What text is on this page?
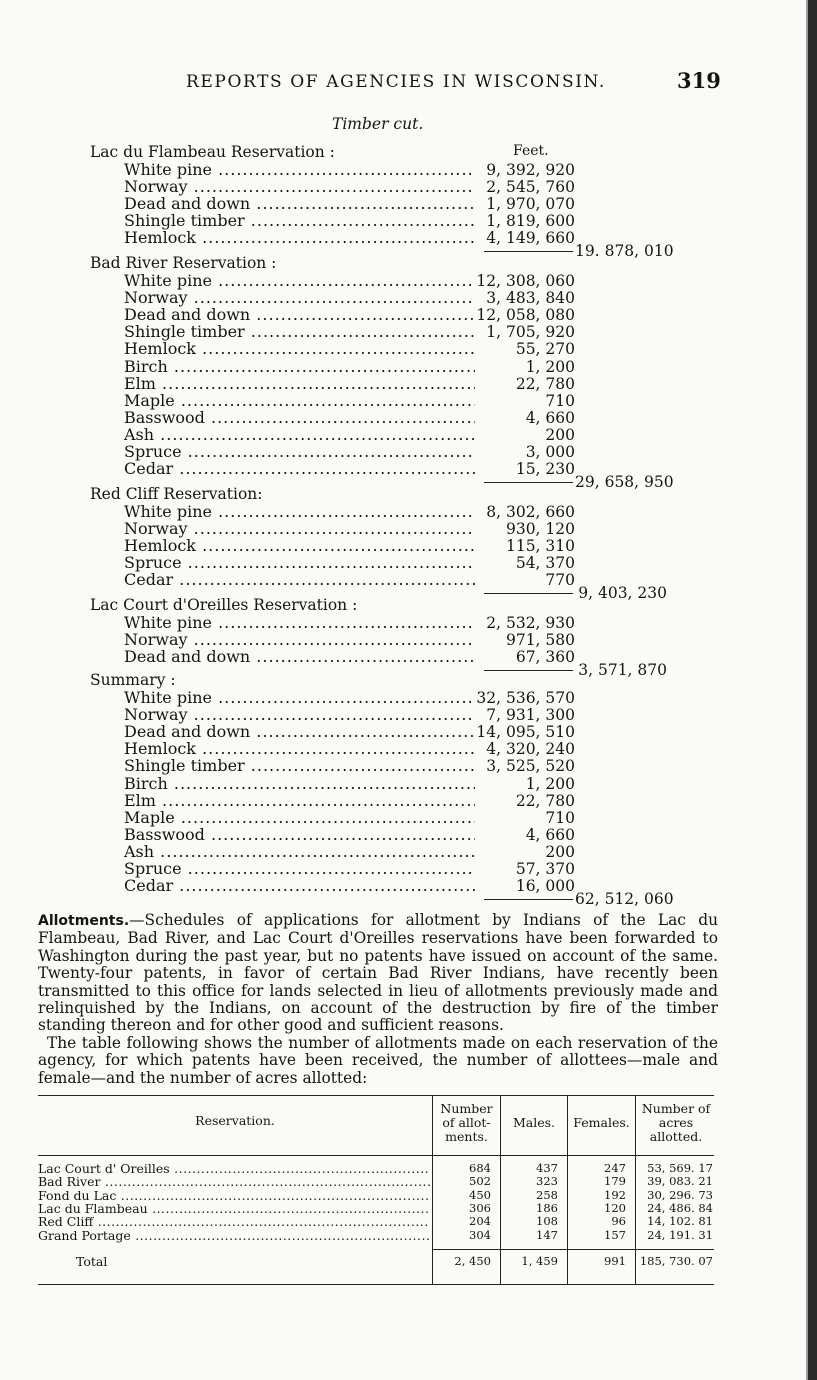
REPORTS OF AGENCIES IN WISCONSIN.	319
Timber cut.
Feet.
Lac du Flambeau Reservation :
White pine .....	9, 392, 920
Norway .....	2, 545, 760
Dead and down .....	1, 970, 070
Shingle timber .....	1, 819, 600
Hemlock .....	4, 149, 660
19. 878, 010
Bad River Reservation :
White pine .....	12, 308, 060
Norway .....	3, 483, 840
Dead and down .....	12, 058, 080
Shingle timber .....	1, 705, 920
Hemlock .....	55, 270
Birch .....	1, 200
Elm .....	22, 780
Maple .....	710
Basswood .....	4, 660
Ash .....	200
Spruce .....	3, 000
Cedar .....	15, 230
29, 658, 950
Red Cliff Reservation:
White pine .....	8, 302, 660
Norway .....	930, 120
Hemlock .....	115, 310
Spruce .....	54, 370
Cedar .....	770
9, 403, 230
Lac Court d'Oreilles Reservation :
White pine .....	2, 532, 930
Norway .....	971, 580
Dead and down .....	67, 360
3, 571, 870
Summary :
White pine .....	32, 536, 570
Norway .....	7, 931, 300
Dead and down .....	14, 095, 510
Hemlock .....	4, 320, 240
Shingle timber .....	3, 525, 520
Birch .....	1, 200
Elm .....	22, 780
Maple .....	710
Basswood .....	4, 660
Ash .....	200
Spruce .....	57, 370
Cedar .....	16, 000
62, 512, 060

Allotments.—Schedules of applications for allotment by Indians of the Lac du Flambeau, Bad River, and Lac Court d'Oreilles reservations have been forwarded to Washington during the past year, but no patents have issued on account of the same. Twenty-four patents, in favor of certain Bad River Indians, have recently been transmitted to this office for lands selected in lieu of allotments previously made and relinquished by the Indians, on account of the destruction by fire of the timber standing thereon and for other good and sufficient reasons.

The table following shows the number of allotments made on each reservation of the agency, for which patents have been received, the number of allottees—male and female—and the number of acres allotted:

Reservation.
Number
of allot-
ments.
Males.	Females.
Number of
acres
allotted.
Lac Court d' Oreilles .....	684	437	247	53, 569. 17
Bad River .....	502	323	179	39, 083. 21
Fond du Lac .....	450	258	192	30, 296. 73
Lac du Flambeau .....	306	186	120	24, 486. 84
Red Cliff .....	204	108	96	14, 102. 81
Grand Portage .....	304	147	157	24, 191. 31
Total	2, 450	1, 459	991	185, 730. 07
